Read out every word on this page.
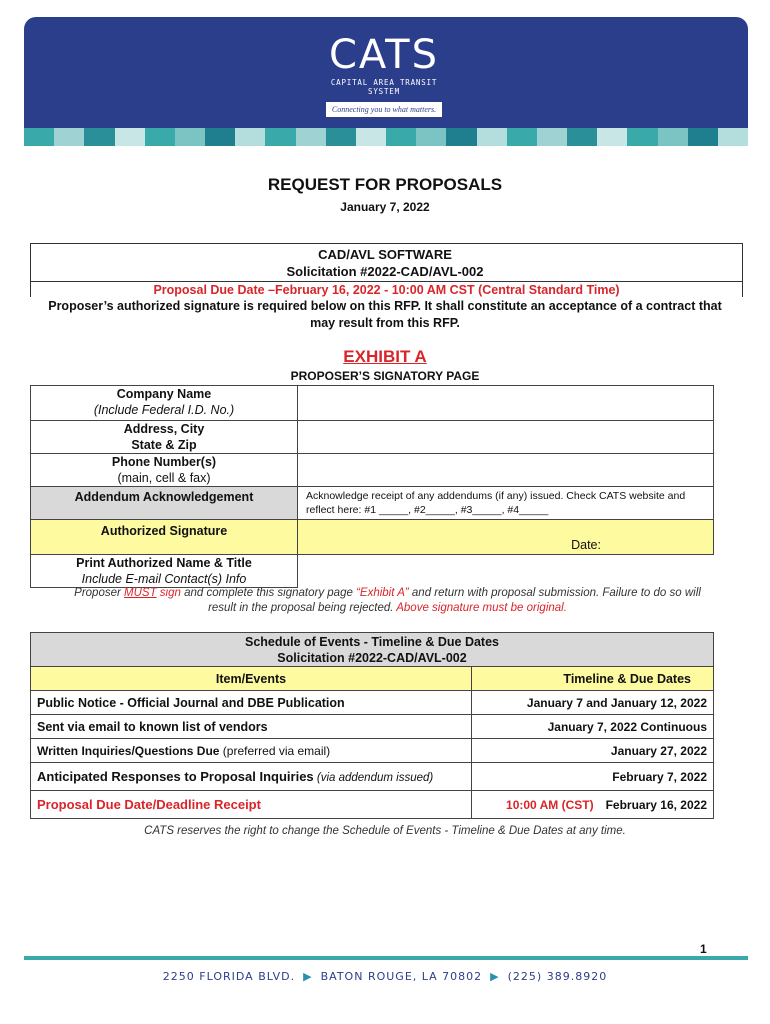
CATS
CAPITAL AREA TRANSIT SYSTEM
Connecting you to what matters.
REQUEST FOR PROPOSALS
January 7, 2022
CAD/AVL SOFTWARE
Solicitation #2022-CAD/AVL-002
Proposal Due Date –February 16, 2022 - 10:00 AM CST (Central Standard Time)
Proposer’s authorized signature is required below on this RFP. It shall constitute an acceptance of a contract that may result from this RFP.
EXHIBIT A
PROPOSER’S SIGNATORY PAGE
Company Name
(Include Federal I.D. No.)	

Address, City
State & Zip	

Phone Number(s)
(main, cell & fax)	

Addendum Acknowledgement	Acknowledge receipt of any addendums (if any) issued. Check CATS website and reflect here: #1 _____, #2_____, #3_____, #4_____

Authorized Signature	Date:

Print Authorized Name & Title
Include E-mail Contact(s) Info	

Proposer MUST sign and complete this signatory page “Exhibit A” and return with proposal submission. Failure to do so will result in the proposal being rejected. Above signature must be original.
Schedule of Events - Timeline & Due Dates
Solicitation #2022-CAD/AVL-002	

Item/Events	Timeline & Due Dates
Public Notice - Official Journal and DBE Publication	January 7 and January 12, 2022
Sent via email to known list of vendors	January 7, 2022 Continuous
Written Inquiries/Questions Due (preferred via email)	January 27, 2022
Anticipated Responses to Proposal Inquiries (via addendum issued)	February 7, 2022
Proposal Due Date/Deadline Receipt	10:00 AM (CST) February 16, 2022
CATS reserves the right to change the Schedule of Events - Timeline & Due Dates at any time.
1
2250 FLORIDA BLVD. ▶ BATON ROUGE, LA 70802 ▶ (225) 389.8920
